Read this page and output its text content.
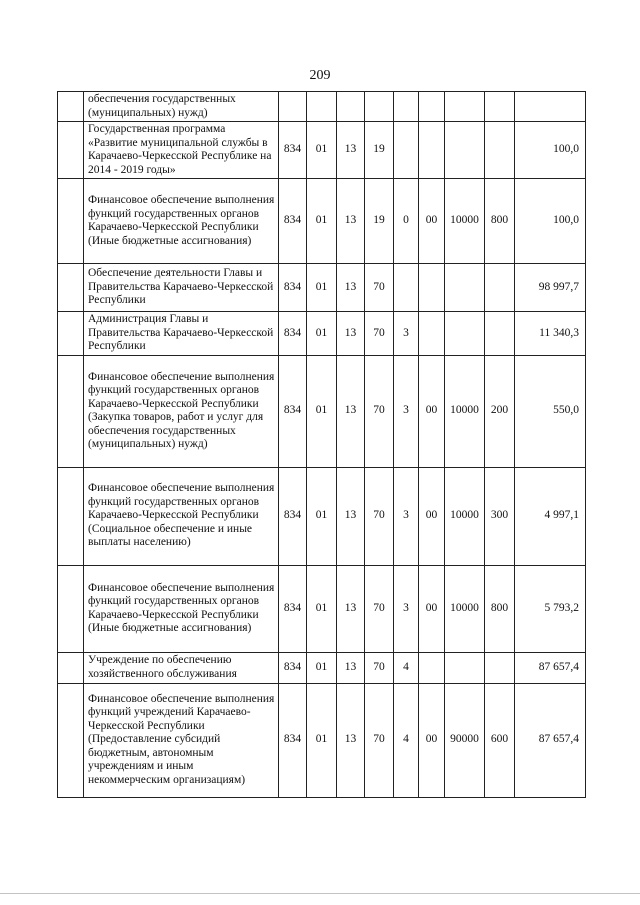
209
	обеспечения государственных (муниципальных) нужд)									
	Государственная программа «Развитие муниципальной службы в Карачаево-Черкесской Республике на 2014 - 2019 годы»	834	01	13	19					100,0
	Финансовое обеспечение выполнения функций государственных органов Карачаево-Черкесской Республики (Иные бюджетные ассигнования)	834	01	13	19	0	00	10000	800	100,0
	Обеспечение деятельности Главы и Правительства Карачаево-Черкесской Республики	834	01	13	70					98 997,7
	Администрация Главы и Правительства Карачаево-Черкесской Республики	834	01	13	70	3				11 340,3
	Финансовое обеспечение выполнения функций государственных органов Карачаево-Черкесской Республики (Закупка товаров, работ и услуг для обеспечения государственных (муниципальных) нужд)	834	01	13	70	3	00	10000	200	550,0
	Финансовое обеспечение выполнения функций государственных органов Карачаево-Черкесской Республики (Социальное обеспечение и иные выплаты населению)	834	01	13	70	3	00	10000	300	4 997,1
	Финансовое обеспечение выполнения функций государственных органов Карачаево-Черкесской Республики (Иные бюджетные ассигнования)	834	01	13	70	3	00	10000	800	5 793,2
	Учреждение по обеспечению хозяйственного обслуживания	834	01	13	70	4				87 657,4
	Финансовое обеспечение выполнения функций учреждений Карачаево-Черкесской Республики (Предоставление субсидий бюджетным, автономным учреждениям и иным некоммерческим организациям)	834	01	13	70	4	00	90000	600	87 657,4
